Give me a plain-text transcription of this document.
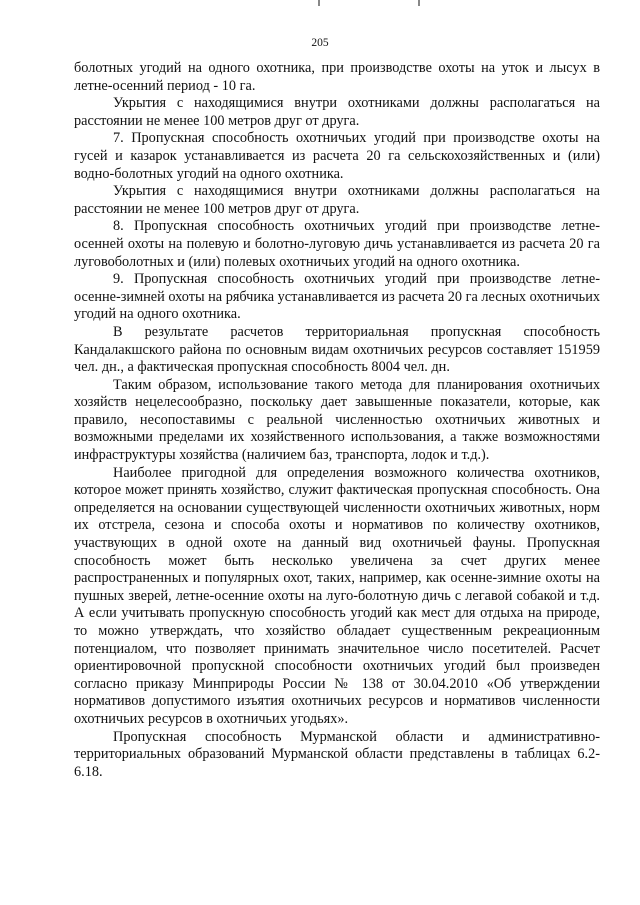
205

болотных угодий на одного охотника, при производстве охоты на уток и лысух в летне-осенний период - 10 га.

Укрытия с находящимися внутри охотниками должны располагаться на расстоянии не менее 100 метров друг от друга.

7. Пропускная способность охотничьих угодий при производстве охоты на гусей и казарок устанавливается из расчета 20 га сельскохозяйственных и (или) водно-болотных угодий на одного охотника.

Укрытия с находящимися внутри охотниками должны располагаться на расстоянии не менее 100 метров друг от друга.

8. Пропускная способность охотничьих угодий при производстве летне-осенней охоты на полевую и болотно-луговую дичь устанавливается из расчета 20 га луговоболотных и (или) полевых охотничьих угодий на одного охотника.

9. Пропускная способность охотничьих угодий при производстве летне-осенне-зимней охоты на рябчика устанавливается из расчета 20 га лесных охотничьих угодий на одного охотника.

В результате расчетов территориальная пропускная способность Кандалакшского района по основным видам охотничьих ресурсов составляет 151959 чел. дн., а фактическая пропускная способность 8004 чел. дн.

Таким образом, использование такого метода для планирования охотничьих хозяйств нецелесообразно, поскольку дает завышенные показатели, которые, как правило, несопоставимы с реальной численностью охотничьих животных и возможными пределами их хозяйственного использования, а также возможностями инфраструктуры хозяйства (наличием баз, транспорта, лодок и т.д.).

Наиболее пригодной для определения возможного количества охотников, которое может принять хозяйство, служит фактическая пропускная способность. Она определяется на основании существующей численности охотничьих животных, норм их отстрела, сезона и способа охоты и нормативов по количеству охотников, участвующих в одной охоте на данный вид охотничьей фауны. Пропускная способность может быть несколько увеличена за счет других менее распространенных и популярных охот, таких, например, как осенне-зимние охоты на пушных зверей, летне-осенние охоты на луго-болотную дичь с легавой собакой и т.д. А если учитывать пропускную способность угодий как мест для отдыха на природе, то можно утверждать, что хозяйство обладает существенным рекреационным потенциалом, что позволяет принимать значительное число посетителей. Расчет ориентировочной пропускной способности охотничьих угодий был произведен согласно приказу Минприроды России № 138 от 30.04.2010 «Об утверждении нормативов допустимого изъятия охотничьих ресурсов и нормативов численности охотничьих ресурсов в охотничьих угодьях».

Пропускная способность Мурманской области и административно-территориальных образований Мурманской области представлены в таблицах 6.2-6.18.
